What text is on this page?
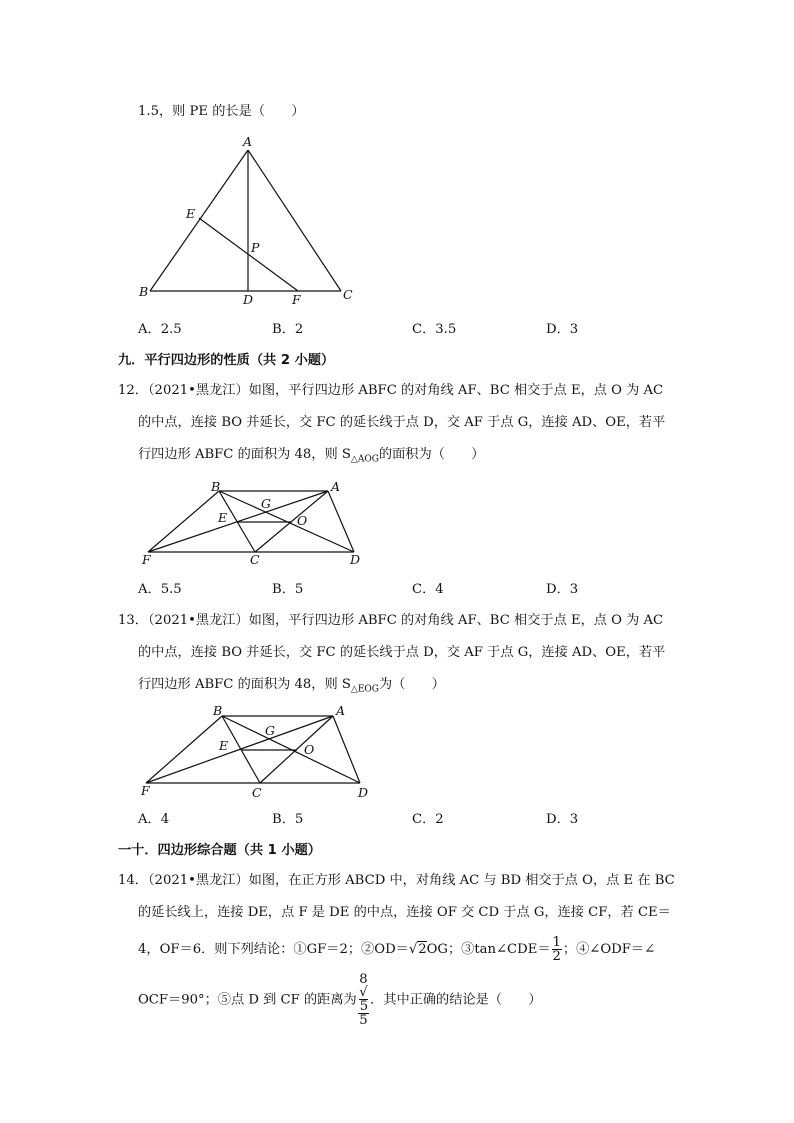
1.5，则 PE 的长是（　　）
A
E
P
B
D	F	C
A．2.5	B．2	C．3.5	D．3
九．平行四边形的性质（共 2 小题）
12．（2021•黑龙江）如图，平行四边形 ABFC 的对角线 AF、BC 相交于点 E，点 O 为 AC
的中点，连接 BO 并延长，交 FC 的延长线于点 D，交 AF 于点 G，连接 AD、OE，若平
行四边形 ABFC 的面积为 48，则 $S_{\triangle AOG}$的面积为（　　）
B	A
G
E	O
F	C	D
A．5.5	B．5	C．4	D．3
13．（2021•黑龙江）如图，平行四边形 ABFC 的对角线 AF、BC 相交于点 E，点 O 为 AC
的中点，连接 BO 并延长，交 FC 的延长线于点 D，交 AF 于点 G，连接 AD、OE，若平
行四边形 ABFC 的面积为 48，则 $S_{\triangle EOG}$为（　　）
B	A
G
E	O
F	C	D
A．4	B．5	C．2	D．3
一十．四边形综合题（共 1 小题）
14．（2021•黑龙江）如图，在正方形 ABCD 中，对角线 AC 与 BD 相交于点 O，点 E 在 BC
的延长线上，连接 DE，点 F 是 DE 的中点，连接 OF 交 CD 于点 G，连接 CF，若 CE＝
4，OF＝6．则下列结论：①GF＝2；②OD＝√2OG；③tan∠CDE＝ $\frac{1}{2}$ ；④∠ODF＝∠
OCF＝90°；⑤点 D 到 CF 的距离为 8
√
5
5 ．其中正确的结论是（　　）
